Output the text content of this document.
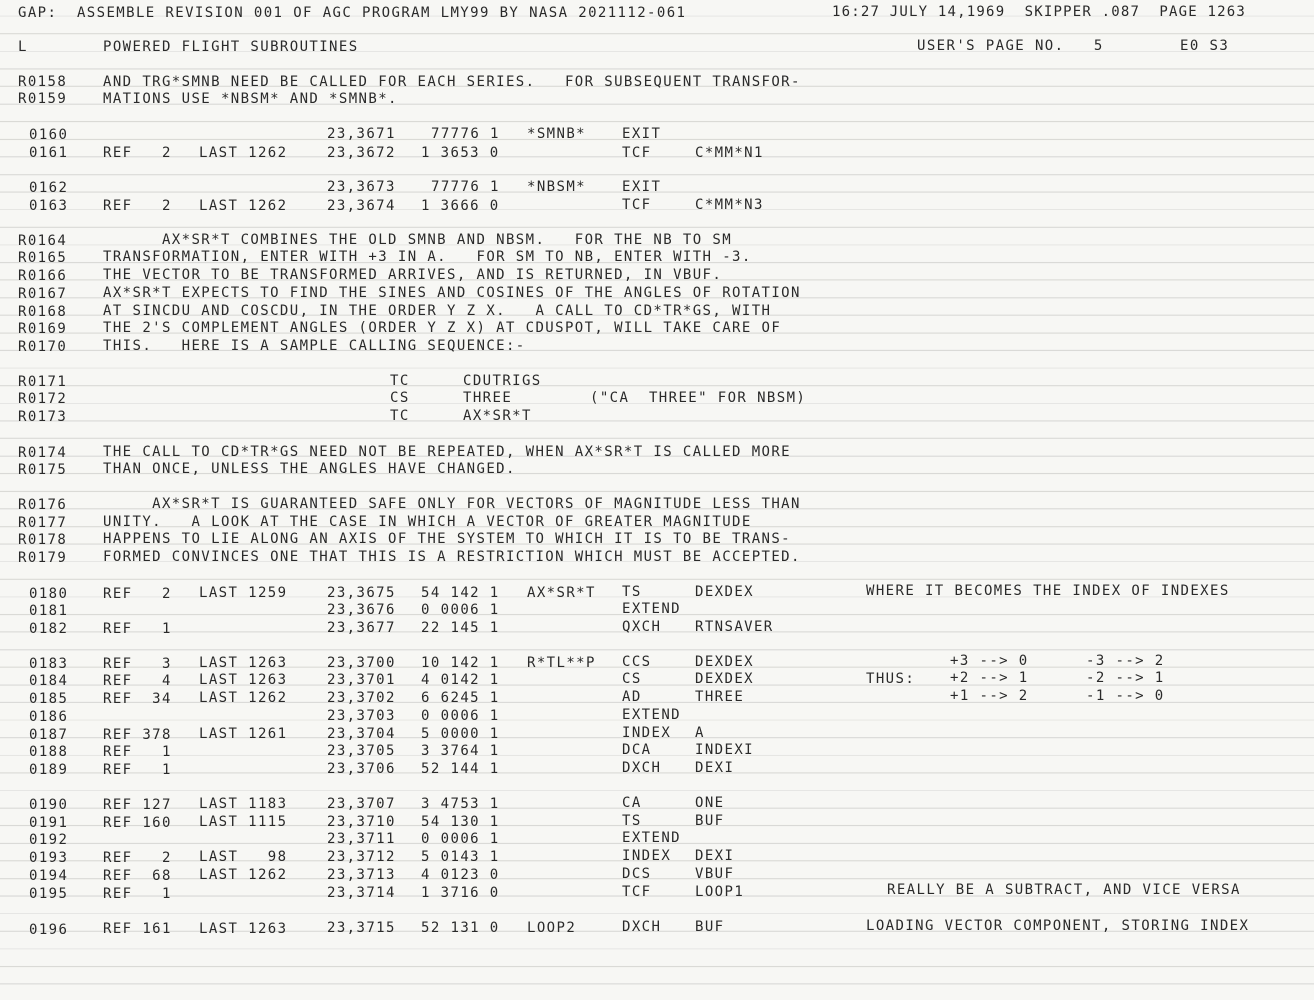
GAP:  ASSEMBLE REVISION 001 OF AGC PROGRAM LMY99 BY NASA 2021112-061	16:27 JULY 14,1969  SKIPPER .087  PAGE 1263
L	POWERED FLIGHT SUBROUTINES	USER'S PAGE NO.   5	E0 S3
R0158	AND TRG*SMNB NEED BE CALLED FOR EACH SERIES.   FOR SUBSEQUENT TRANSFOR-
R0159	MATIONS USE *NBSM* AND *SMNB*.
0160	23,3671	77776 1 *SMNB*	EXIT
0161 REF   2 LAST 1262	23,3672 1 3653 0	TCF	C*MM*N1
0162	23,3673	77776 1 *NBSM*	EXIT
0163 REF   2 LAST 1262	23,3674 1 3666 0	TCF	C*MM*N3
R0164	AX*SR*T COMBINES THE OLD SMNB AND NBSM.   FOR THE NB TO SM
R0165	TRANSFORMATION, ENTER WITH +3 IN A.   FOR SM TO NB, ENTER WITH -3.
R0166	THE VECTOR TO BE TRANSFORMED ARRIVES, AND IS RETURNED, IN VBUF.
R0167	AX*SR*T EXPECTS TO FIND THE SINES AND COSINES OF THE ANGLES OF ROTATION
R0168	AT SINCDU AND COSCDU, IN THE ORDER Y Z X.   A CALL TO CD*TR*GS, WITH
R0169	THE 2'S COMPLEMENT ANGLES (ORDER Y Z X) AT CDUSPOT, WILL TAKE CARE OF
R0170	THIS.   HERE IS A SAMPLE CALLING SEQUENCE:-
R0171	TC	CDUTRIGS
R0172	CS	THREE	("CA  THREE" FOR NBSM)
R0173	TC	AX*SR*T
R0174	THE CALL TO CD*TR*GS NEED NOT BE REPEATED, WHEN AX*SR*T IS CALLED MORE
R0175	THAN ONCE, UNLESS THE ANGLES HAVE CHANGED.
R0176	AX*SR*T IS GUARANTEED SAFE ONLY FOR VECTORS OF MAGNITUDE LESS THAN
R0177	UNITY.   A LOOK AT THE CASE IN WHICH A VECTOR OF GREATER MAGNITUDE
R0178	HAPPENS TO LIE ALONG AN AXIS OF THE SYSTEM TO WHICH IT IS TO BE TRANS-
R0179	FORMED CONVINCES ONE THAT THIS IS A RESTRICTION WHICH MUST BE ACCEPTED.
0180 REF   2 LAST 1259	23,3675 54 142 1 AX*SR*T TS	DEXDEX	WHERE IT BECOMES THE INDEX OF INDEXES
0181	23,3676 0 0006 1	EXTEND
0182 REF   1	23,3677 22 145 1	QXCH RTNSAVER
0183 REF   3 LAST 1263	23,3700 10 142 1 R*TL**P CCS	DEXDEX	+3 --> 0	-3 --> 2
0184 REF   4 LAST 1263	23,3701 4 0142 1	CS	DEXDEX	THUS: +2 --> 1	-2 --> 1
0185 REF  34 LAST 1262	23,3702 6 6245 1	AD	THREE	+1 --> 2	-1 --> 0
0186	23,3703 0 0006 1	EXTEND
0187 REF 378 LAST 1261	23,3704 5 0000 1	INDEX A
0188 REF   1	23,3705 3 3764 1	DCA	INDEXI
0189 REF   1	23,3706 52 144 1	DXCH DEXI
0190 REF 127 LAST 1183	23,3707 3 4753 1	CA	ONE
0191 REF 160 LAST 1115	23,3710 54 130 1	TS	BUF
0192	23,3711 0 0006 1	EXTEND
0193 REF   2 LAST   98	23,3712 5 0143 1	INDEX DEXI
0194 REF  68 LAST 1262	23,3713 4 0123 0	DCS	VBUF
0195 REF   1	23,3714 1 3716 0	TCF	LOOP1	REALLY BE A SUBTRACT, AND VICE VERSA
0196 REF 161 LAST 1263	23,3715 52 131 0 LOOP2	DXCH BUF	LOADING VECTOR COMPONENT, STORING INDEX
